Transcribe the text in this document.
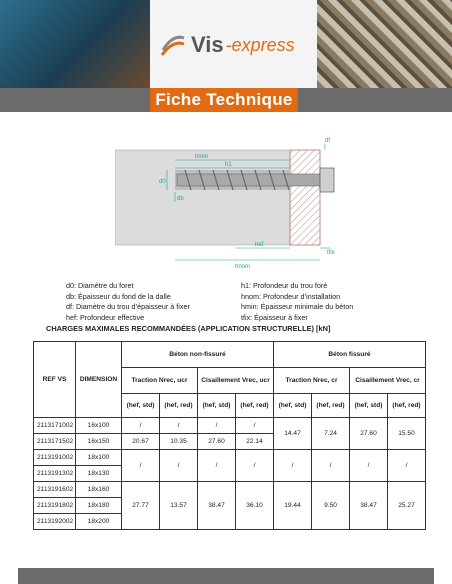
Vis -express
Fiche Technique
hmin
h1
d0
db
hef
hnom
df
tfix
d0: Diamètre du foret
db: Épaisseur du fond de la dalle
df: Diamètre du trou d’épaisseur à fixer
hef: Profondeur effective
h1: Profondeur du trou foré
hnom: Profondeur d’installation
hmin: Épaisseur minimale du béton
tfix: Épaisseur à fixer
CHARGES MAXIMALES RECOMMANDÉES (APPLICATION STRUCTURELLE) [kN]
REF VS	DIMENSION	Béton non-fissuré				Béton fissuré			
		Traction Nrec, ucr		Cisaillement Vrec, ucr		Traction Nrec, cr		Cisaillement Vrec, cr	
		(hef, std)	(hef, red)	(hef, std)	(hef, red)	(hef, std)	(hef, red)	(hef, std)	(hef, red)
2113171002	16x100	/	/	/	/	14.47	7.24	27.60	15.50
2113171502	16x150	20.67	10.35	27.60	22.14				
2113191002	18x100	/	/	/	/	/	/	/	/
2113191302	18x130								
2113191602	18x160	27.77	13.57	38.47	36.10	19.44	9.50	38.47	25.27
2113191802	18x180								
2113192002	18x200								
